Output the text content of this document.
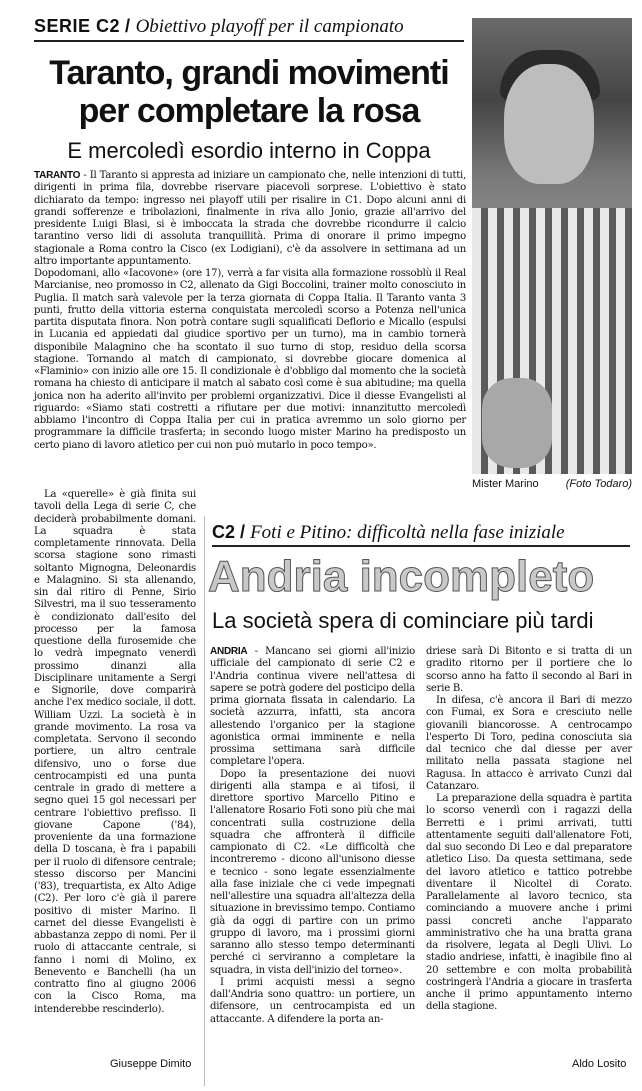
SERIE C2 / Obiettivo playoff per il campionato
Taranto, grandi movimenti
per completare la rosa
E mercoledì esordio interno in Coppa

TARANTO - Il Taranto si appresta ad iniziare un campionato che, nelle intenzioni di tutti, dirigenti in prima fila, dovrebbe riservare piacevoli sorprese. L'obiettivo è stato dichiarato da tempo: ingresso nei playoff utili per risalire in C1. Dopo alcuni anni di grandi sofferenze e tribolazioni, finalmente in riva allo Jonio, grazie all'arrivo del presidente Luigi Blasi, si è imboccata la strada che dovrebbe ricondurre il calcio tarantino verso lidi di assoluta tranquillità. Prima di onorare il primo impegno stagionale a Roma contro la Cisco (ex Lodigiani), c'è da assolvere in settimana ad un altro importante appuntamento.

Dopodomani, allo «Iacovone» (ore 17), verrà a far visita alla formazione rossoblù il Real Marcianise, neo promosso in C2, allenato da Gigi Boccolini, trainer molto conosciuto in Puglia. Il match sarà valevole per la terza giornata di Coppa Italia. Il Taranto vanta 3 punti, frutto della vittoria esterna conquistata mercoledì scorso a Potenza nell'unica partita disputata finora. Non potrà contare sugli squalificati Deflorio e Micallo (espulsi in Lucania ed appiedati dal giudice sportivo per un turno), ma in cambio tornerà disponibile Malagnino che ha scontato il suo turno di stop, residuo della scorsa stagione. Tornando al match di campionato, si dovrebbe giocare domenica al «Flaminio» con inizio alle ore 15. Il condizionale è d'obbligo dal momento che la società romana ha chiesto di anticipare il match al sabato così come è sua abitudine; ma quella jonica non ha aderito all'invito per problemi organizzativi. Dice il diesse Evangelisti al riguardo: «Siamo stati costretti a rifiutare per due motivi: innanzitutto mercoledì abbiamo l'incontro di Coppa Italia per cui in pratica avremmo un solo giorno per programmare la difficile trasferta; in secondo luogo mister Marino ha predisposto un certo piano di lavoro atletico per cui non può mutarlo in poco tempo».

Mister Marino (Foto Todaro)

La «querelle» è già finita sui tavoli della Lega di serie C, che deciderà probabilmente domani. La squadra è stata completamente rinnovata. Della scorsa stagione sono rimasti soltanto Mignogna, Deleonardis e Malagnino. Si sta allenando, sin dal ritiro di Penne, Sirio Silvestri, ma il suo tesseramento è condizionato dall'esito del processo per la famosa questione della furosemide che lo vedrà impegnato venerdì prossimo dinanzi alla Disciplinare unitamente a Sergi e Signorile, dove comparirà anche l'ex medico sociale, il dott. William Uzzi. La società è in grande movimento. La rosa va completata. Servono il secondo portiere, un altro centrale difensivo, uno o forse due centrocampisti ed una punta centrale in grado di mettere a segno quei 15 gol necessari per centrare l'obiettivo prefisso. Il giovane Capone ('84), proveniente da una formazione della D toscana, è fra i papabili per il ruolo di difensore centrale; stesso discorso per Mancini ('83), trequartista, ex Alto Adige (C2). Per loro c'è già il parere positivo di mister Marino. Il carnet del diesse Evangelisti è abbastanza zeppo di nomi. Per il ruolo di attaccante centrale, si fanno i nomi di Molino, ex Benevento e Banchelli (ha un contratto fino al giugno 2006 con la Cisco Roma, ma intenderebbe rescinderlo).

Giuseppe Dimito
C2 / Foti e Pitino: difficoltà nella fase iniziale
Andria incompleto
La società spera di cominciare più tardi

ANDRIA - Mancano sei giorni all'inizio ufficiale del campionato di serie C2 e l'Andria continua vivere nell'attesa di sapere se potrà godere del posticipo della prima giornata fissata in calendario. La società azzurra, infatti, sta ancora allestendo l'organico per la stagione agonistica ormai imminente e nella prossima settimana sarà difficile completare l'opera.

Dopo la presentazione dei nuovi dirigenti alla stampa e ai tifosi, il direttore sportivo Marcello Pitino e l'allenatore Rosario Foti sono più che mai concentrati sulla costruzione della squadra che affronterà il difficile campionato di C2. «Le difficoltà che incontreremo - dicono all'unisono diesse e tecnico - sono legate essenzialmente alla fase iniziale che ci vede impegnati nell'allestire una squadra all'altezza della situazione in brevissimo tempo. Contiamo già da oggi di partire con un primo gruppo di lavoro, ma i prossimi giorni saranno allo stesso tempo determinanti perché ci serviranno a completare la squadra, in vista dell'inizio del torneo».

I primi acquisti messi a segno dall'Andria sono quattro: un portiere, un difensore, un centrocampista ed un attaccante. A difendere la porta an-

driese sarà Di Bitonto e si tratta di un gradito ritorno per il portiere che lo scorso anno ha fatto il secondo al Bari in serie B.

In difesa, c'è ancora il Bari di mezzo con Fumai, ex Sora e cresciuto nelle giovanili biancorosse. A centrocampo l'esperto Di Toro, pedina conosciuta sia dal tecnico che dal diesse per aver militato nella passata stagione nel Ragusa. In attacco è arrivato Cunzi dal Catanzaro.

La preparazione della squadra è partita lo scorso venerdì con i ragazzi della Berretti e i primi arrivati, tutti attentamente seguiti dall'allenatore Foti, dal suo secondo Di Leo e dal preparatore atletico Liso. Da questa settimana, sede del lavoro atletico e tattico potrebbe diventare il Nicoltel di Corato. Parallelamente al lavoro tecnico, sta cominciando a muovere anche i primi passi concreti anche l'apparato amministrativo che ha una bratta grana da risolvere, legata al Degli Ulivi. Lo stadio andriese, infatti, è inagibile fino al 20 settembre e con molta probabilità costringerà l'Andria a giocare in trasferta anche il primo appuntamento interno della stagione.

Aldo Losito
